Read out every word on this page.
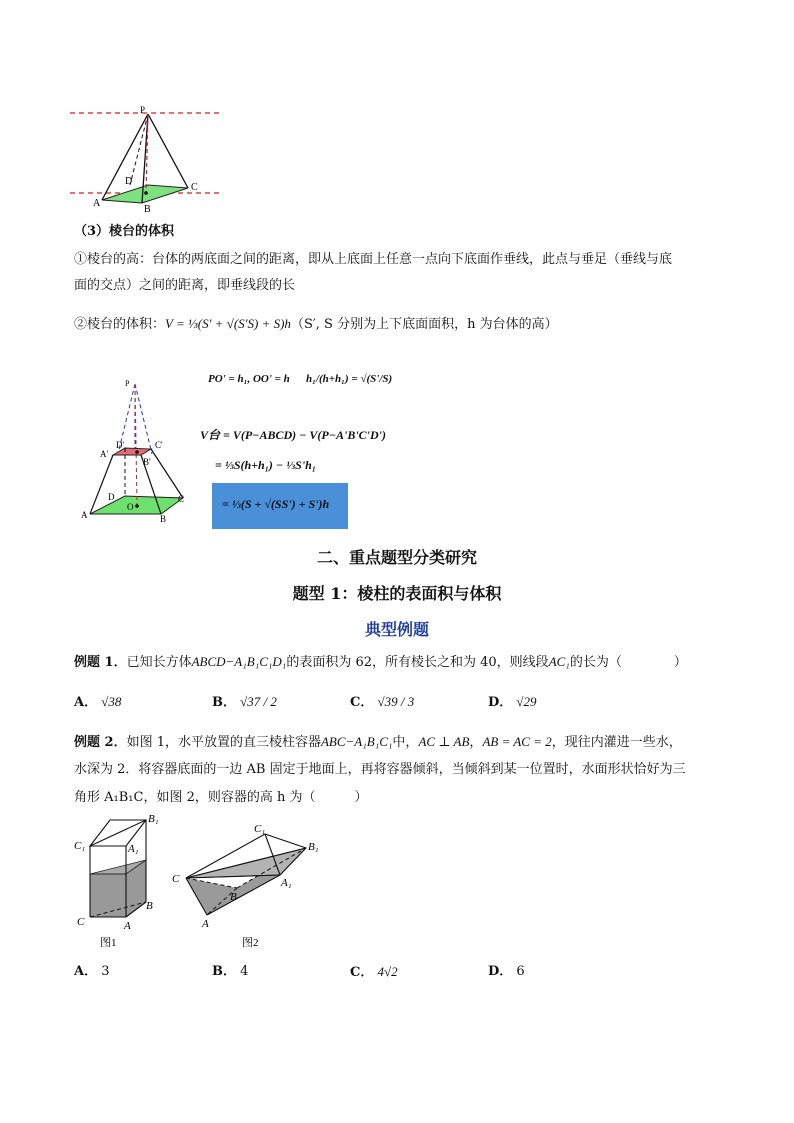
P
D
C
A
B
（3）棱台的体积
①棱台的高：台体的两底面之间的距离，即从上底面上任意一点向下底面作垂线，此点与垂足（垂线与底
面的交点）之间的距离，即垂线段的长
②棱台的体积：V = ⅓(S′ + √(S′S) + S)h（S′, S 分别为上下底面面积，h 为台体的高）
P
D'	C'
A'
B'
D	C
A	B
O
PO' = h₁, OO' = h h₁/(h+h₁) = √(S'/S)
V台 = V(P−ABCD) − V(P−A'B'C'D')
= ⅓S(h+h₁) − ⅓S'h₁
= ⅓(S + √(SS') + S')h
二、重点题型分类研究
题型 1：棱柱的表面积与体积
典型例题
例题 1．已知长方体ABCD−A₁B₁C₁D₁的表面积为 62，所有棱长之和为 40，则线段AC₁的长为（　　　　）
A． √38	B． √37 / 2	C． √39 / 3	D． √29
例题 2．如图 1，水平放置的直三棱柱容器ABC−A₁B₁C₁中，AC ⊥ AB，AB = AC = 2，现往内灌进一些水，
水深为 2．将容器底面的一边 AB 固定于地面上，再将容器倾斜，当倾斜到某一位置时，水面形状恰好为三
角形 A₁B₁C，如图 2，则容器的高 h 为（　　　）
B₁
C₁	A₁
B
C	A
图1
C₁
B₁
C	A₁
B
A
图2
A． 3	B． 4	C． 4√2	D． 6
